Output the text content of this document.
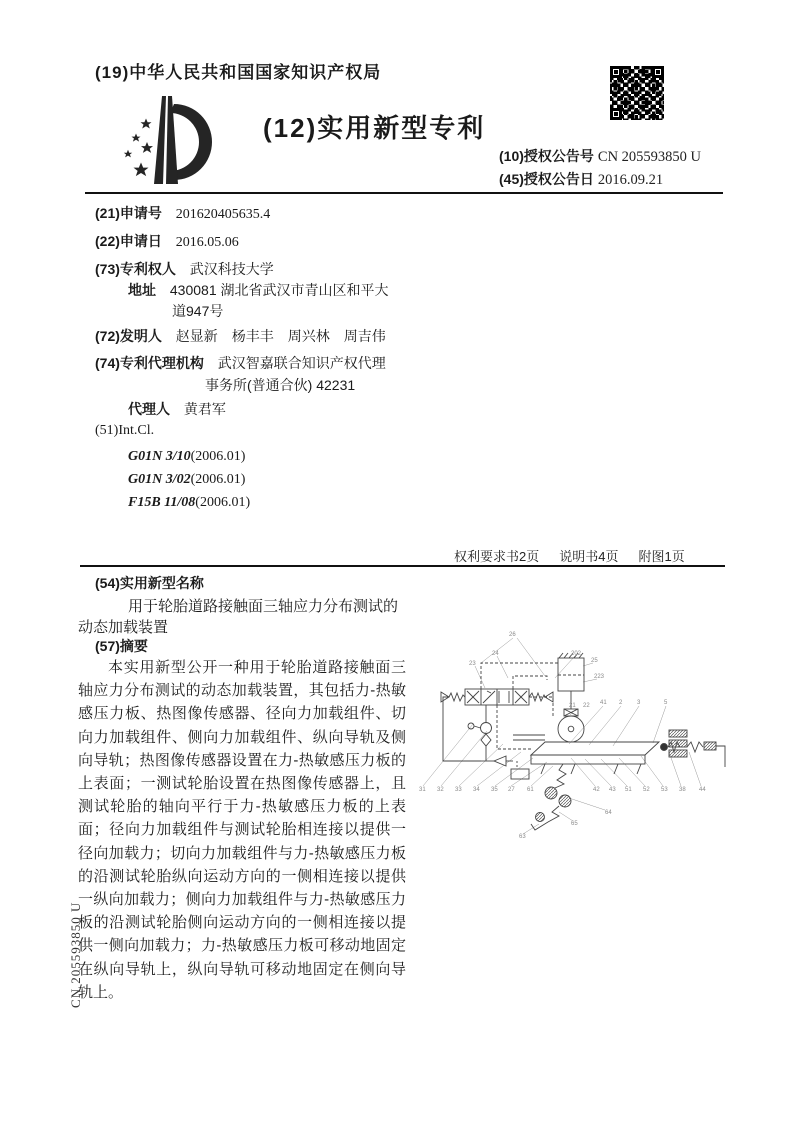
(19)中华人民共和国国家知识产权局
(12)实用新型专利
(10)授权公告号 CN 205593850 U
(45)授权公告日 2016.09.21
(21)申请号 201620405635.4
(22)申请日 2016.05.06
(73)专利权人 武汉科技大学
地址 430081 湖北省武汉市青山区和平大
道947号
(72)发明人 赵显新　杨丰丰　周兴林　周吉伟
(74)专利代理机构 武汉智嘉联合知识产权代理
事务所(普通合伙) 42231
代理人 黄君军
(51)Int.Cl.
G01N 3/10(2006.01)
G01N 3/02(2006.01)
F15B 11/08(2006.01)
权利要求书2页 说明书4页 附图1页
(54)实用新型名称
用于轮胎道路接触面三轴应力分布测试的
动态加载装置
(57)摘要
本实用新型公开一种用于轮胎道路接触面三轴应力分布测试的动态加载装置，其包括力-热敏感压力板、热图像传感器、径向力加载组件、切向力加载组件、侧向力加载组件、纵向导轨及侧向导轨；热图像传感器设置在力-热敏感压力板的上表面；一测试轮胎设置在热图像传感器上，且测试轮胎的轴向平行于力-热敏感压力板的上表面；径向力加载组件与测试轮胎相连接以提供一径向加载力；切向力加载组件与力-热敏感压力板的沿测试轮胎纵向运动方向的一侧相连接以提供一纵向加载力；侧向力加载组件与力-热敏感压力板的沿测试轮胎侧向运动方向的一侧相连接以提供一侧向加载力；力-热敏感压力板可移动地固定在纵向导轨上，纵向导轨可移动地固定在侧向导轨上。
26
24	202
23	25
223
21 22 41 2 3	5
31 32 33 34 35 27 61	42 43 51 52 53 38 44
64
65
63
CN 205593850 U
